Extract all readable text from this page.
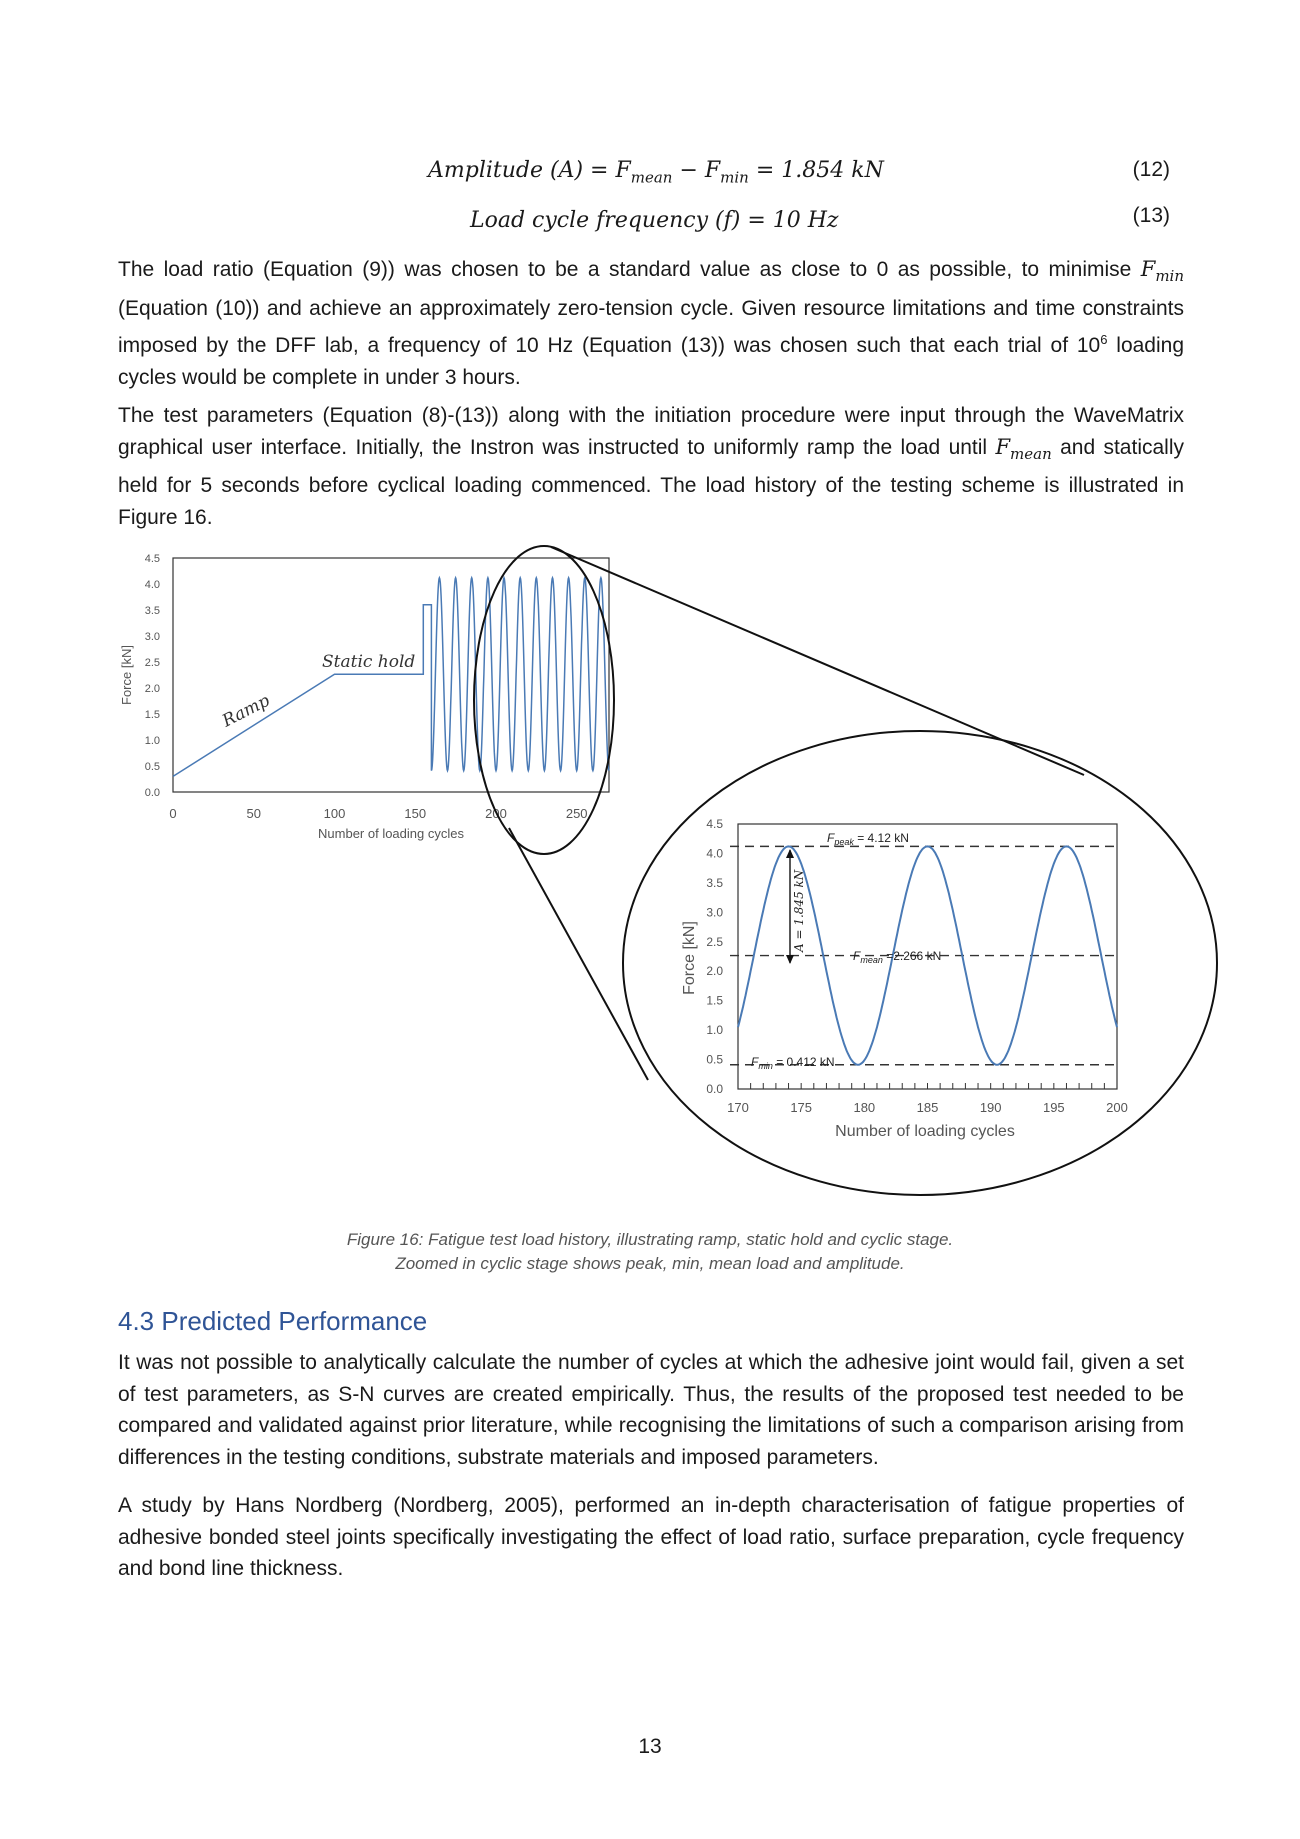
Amplitude $(A) = F_{mean} - F_{min} = 1.854$ kN	(12)
Load cycle frequency (f) = 10 Hz	(13)

The load ratio (Equation (9)) was chosen to be a standard value as close to 0 as possible, to minimise $F_{min}$ (Equation (10)) and achieve an approximately zero-tension cycle. Given resource limitations and time constraints imposed by the DFF lab, a frequency of 10 Hz (Equation (13)) was chosen such that each trial of $10^6$ loading cycles would be complete in under 3 hours.

The test parameters (Equation (8)-(13)) along with the initiation procedure were input through the WaveMatrix graphical user interface. Initially, the Instron was instructed to uniformly ramp the load until $F_{mean}$ and statically held for 5 seconds before cyclical loading commenced. The load history of the testing scheme is illustrated in Figure 16.

0.0
0.5
1.0
1.5
2.0
2.5
3.0
3.5
4.0
4.5
0	50	100	150	200	250
Force [kN]
Number of loading cycles
Ramp
Static hold
0.0
0.5
1.0
1.5
2.0
2.5
3.0
3.5
4.0
4.5
170	175	180	185	190	195	200
Force [kN]
Number of loading cycles
A = 1.845 kN
$F_{peak} = 4.12$ kN
$F_{mean} =2.266$ kN
$F_{min} = 0.412$ kN
Figure 16: Fatigue test load history, illustrating ramp, static hold and cyclic stage.
Zoomed in cyclic stage shows peak, min, mean load and amplitude.
4.3 Predicted Performance

It was not possible to analytically calculate the number of cycles at which the adhesive joint would fail, given a set of test parameters, as S-N curves are created empirically. Thus, the results of the proposed test needed to be compared and validated against prior literature, while recognising the limitations of such a comparison arising from differences in the testing conditions, substrate materials and imposed parameters.

A study by Hans Nordberg (Nordberg, 2005), performed an in-depth characterisation of fatigue properties of adhesive bonded steel joints specifically investigating the effect of load ratio, surface preparation, cycle frequency and bond line thickness.

13
